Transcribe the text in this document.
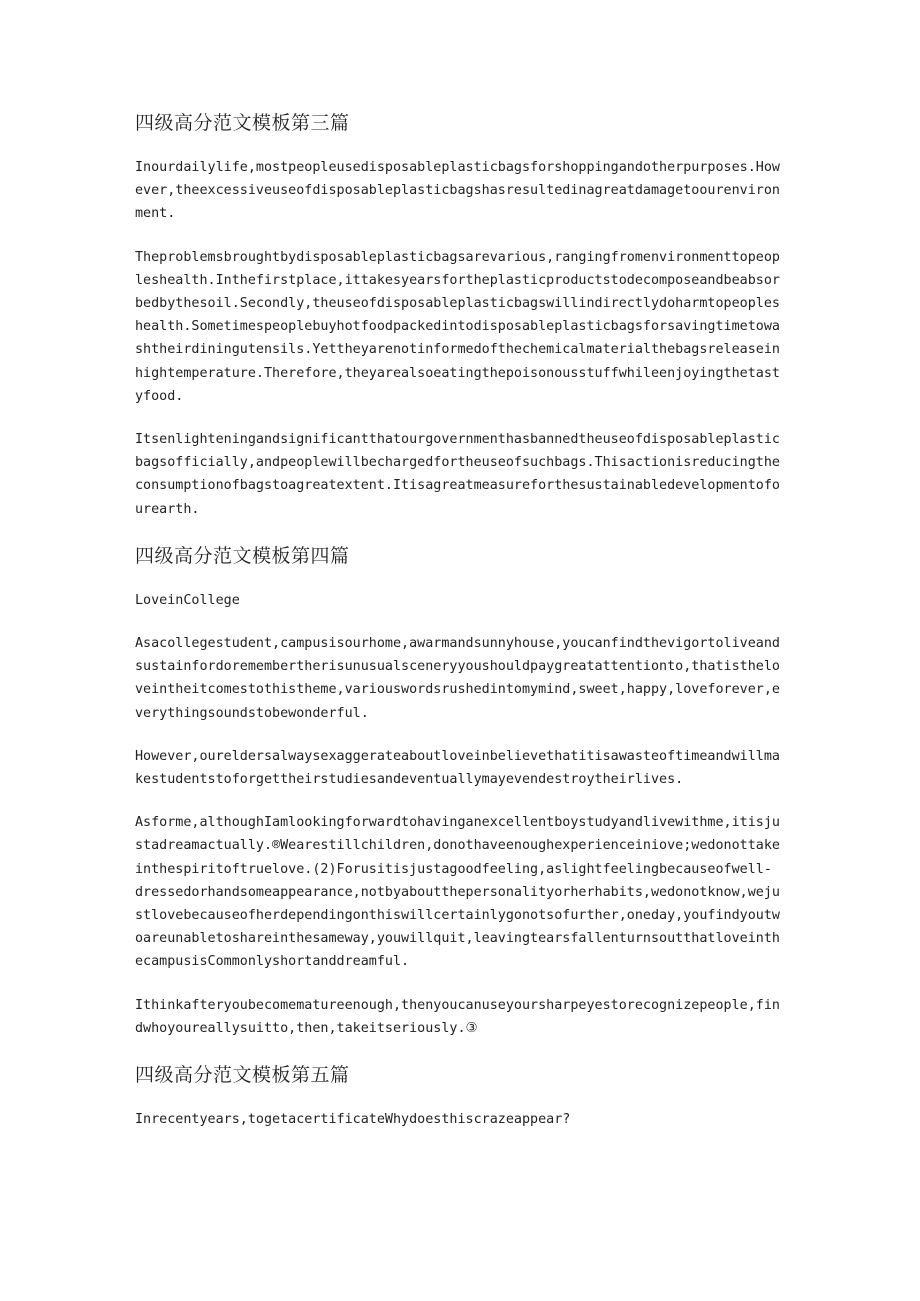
四级高分范文模板第三篇

Inourdailylife,mostpeopleusedisposableplasticbagsforshoppingandotherpurposes.However,theexcessiveuseofdisposableplasticbagshasresultedinagreatdamagetoourenvironment.

Theproblemsbroughtbydisposableplasticbagsarevarious,rangingfromenvironmenttopeopleshealth.Inthefirstplace,ittakesyearsfortheplasticproductstodecomposeandbeabsorbedbythesoil.Secondly,theuseofdisposableplasticbagswillindirectlydoharmtopeopleshealth.Sometimespeoplebuyhotfoodpackedintodisposableplasticbagsforsavingtimetowashtheirdiningutensils.Yettheyarenotinformedofthechemicalmaterialthebagsreleaseinhightemperature.Therefore,theyarealsoeatingthepoisonousstuffwhileenjoyingthetastyfood.

Itsenlighteningandsignificantthatourgovernmenthasbannedtheuseofdisposableplasticbagsofficially,andpeoplewillbechargedfortheuseofsuchbags.Thisactionisreducingtheconsumptionofbagstoagreatextent.Itisagreatmeasureforthesustainabledevelopmentofourearth.

四级高分范文模板第四篇

LoveinCollege

Asacollegestudent,campusisourhome,awarmandsunnyhouse,youcanfindthevigortoliveandsustainfordoremembertherisunusualsceneryyoushouldpaygreatattentionto,thatistheloveintheitcomestothistheme,variouswordsrushedintomymind,sweet,happy,loveforever,everythingsoundstobewonderful.

However,oureldersalwaysexaggerateaboutloveinbelievethatitisawasteoftimeandwillmakestudentstoforgettheirstudiesandeventuallymayevendestroytheirlives.

Asforme,althoughIamlookingforwardtohavinganexcellentboystudyandlivewithme,itisjustadreamactually.®Wearestillchildren,donothaveenoughexperienceiniove;wedonottakeinthespiritoftruelove.(2)Forusitisjustagoodfeeling,aslightfeelingbecauseofwell-

dressedorhandsomeappearance,notbyaboutthepersonalityorherhabits,wedonotknow,wejustlovebecauseofherdependingonthiswillcertainlygonotsofurther,oneday,youfindyoutwoareunabletoshareinthesameway,youwillquit,leavingtearsfallenturnsoutthatloveinthecampusisCommonlyshortanddreamful.

Ithinkafteryoubecomematureenough,thenyoucanuseyoursharpeyestorecognizepeople,findwhoyoureallysuitto,then,takeitseriously.③

四级高分范文模板第五篇

Inrecentyears,togetacertificateWhydoesthiscrazeappear?
